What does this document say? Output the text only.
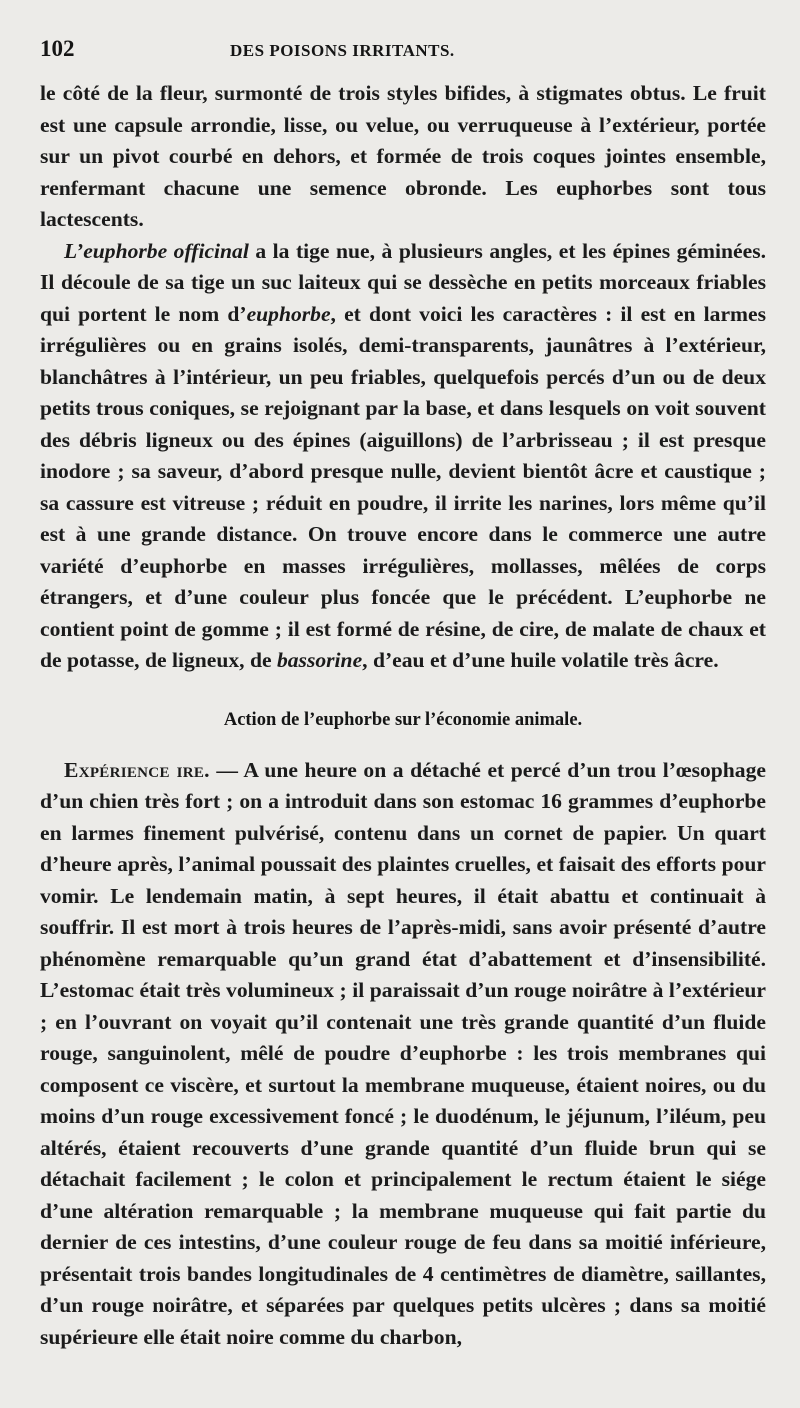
102	DES POISONS IRRITANTS.

le côté de la fleur, surmonté de trois styles bifides, à stigmates obtus. Le fruit est une capsule arrondie, lisse, ou velue, ou verruqueuse à l’extérieur, portée sur un pivot courbé en dehors, et formée de trois coques jointes ensemble, renfermant chacune une semence obronde. Les euphorbes sont tous lactescents.

L’euphorbe officinal a la tige nue, à plusieurs angles, et les épines géminées. Il découle de sa tige un suc laiteux qui se dessèche en petits morceaux friables qui portent le nom d’euphorbe, et dont voici les caractères : il est en larmes irrégulières ou en grains isolés, demi-transparents, jaunâtres à l’extérieur, blanchâtres à l’intérieur, un peu friables, quelquefois percés d’un ou de deux petits trous coniques, se rejoignant par la base, et dans lesquels on voit souvent des débris ligneux ou des épines (aiguillons) de l’arbrisseau ; il est presque inodore ; sa saveur, d’abord presque nulle, devient bientôt âcre et caustique ; sa cassure est vitreuse ; réduit en poudre, il irrite les narines, lors même qu’il est à une grande distance. On trouve encore dans le commerce une autre variété d’euphorbe en masses irrégulières, mollasses, mêlées de corps étrangers, et d’une couleur plus foncée que le précédent. L’euphorbe ne contient point de gomme ; il est formé de résine, de cire, de malate de chaux et de potasse, de ligneux, de bassorine, d’eau et d’une huile volatile très âcre.

Action de l’euphorbe sur l’économie animale.

Expérience ire. — A une heure on a détaché et percé d’un trou l’œsophage d’un chien très fort ; on a introduit dans son estomac 16 grammes d’euphorbe en larmes finement pulvérisé, contenu dans un cornet de papier. Un quart d’heure après, l’animal poussait des plaintes cruelles, et faisait des efforts pour vomir. Le lendemain matin, à sept heures, il était abattu et continuait à souffrir. Il est mort à trois heures de l’après-midi, sans avoir présenté d’autre phénomène remarquable qu’un grand état d’abattement et d’insensibilité. L’estomac était très volumineux ; il paraissait d’un rouge noirâtre à l’extérieur ; en l’ouvrant on voyait qu’il contenait une très grande quantité d’un fluide rouge, sanguinolent, mêlé de poudre d’euphorbe : les trois membranes qui composent ce viscère, et surtout la membrane muqueuse, étaient noires, ou du moins d’un rouge excessivement foncé ; le duodénum, le jéjunum, l’iléum, peu altérés, étaient recouverts d’une grande quantité d’un fluide brun qui se détachait facilement ; le colon et principalement le rectum étaient le siége d’une altération remarquable ; la membrane muqueuse qui fait partie du dernier de ces intestins, d’une couleur rouge de feu dans sa moitié inférieure, présentait trois bandes longitudinales de 4 centimètres de diamètre, saillantes, d’un rouge noirâtre, et séparées par quelques petits ulcères ; dans sa moitié supérieure elle était noire comme du charbon,
